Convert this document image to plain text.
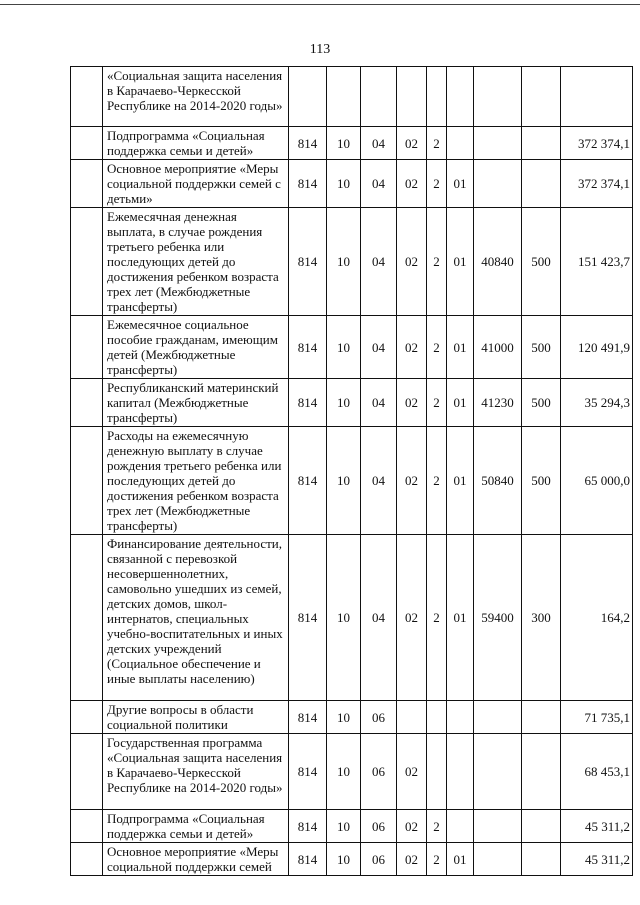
113
	«Социальная защита населения в Карачаево-Черкесской Республике на 2014-2020 годы»									
	Подпрограмма «Социальная поддержка семьи и детей»	814	10	04	02	2				372 374,1
	Основное мероприятие «Меры социальной поддержки семей с детьми»	814	10	04	02	2	01			372 374,1
	Ежемесячная денежная выплата, в случае рождения третьего ребенка или последующих детей до достижения ребенком возраста трех лет (Межбюджетные трансферты)	814	10	04	02	2	01	40840	500	151 423,7
	Ежемесячное социальное пособие гражданам, имеющим детей (Межбюджетные трансферты)	814	10	04	02	2	01	41000	500	120 491,9
	Республиканский материнский капитал (Межбюджетные трансферты)	814	10	04	02	2	01	41230	500	35 294,3
	Расходы на ежемесячную денежную выплату в случае рождения третьего ребенка или последующих детей до достижения ребенком возраста трех лет (Межбюджетные трансферты)	814	10	04	02	2	01	50840	500	65 000,0
	Финансирование деятельности, связанной с перевозкой несовершеннолетних, самовольно ушедших из семей, детских домов, школ-интернатов, специальных учебно-воспитательных и иных детских учреждений (Социальное обеспечение и иные выплаты населению)	814	10	04	02	2	01	59400	300	164,2
	Другие вопросы в области социальной политики	814	10	06						71 735,1
	Государственная программа «Социальная защита населения в Карачаево-Черкесской Республике на 2014-2020 годы»	814	10	06	02					68 453,1
	Подпрограмма «Социальная поддержка семьи и детей»	814	10	06	02	2				45 311,2
	Основное мероприятие «Меры социальной поддержки семей	814	10	06	02	2	01			45 311,2
